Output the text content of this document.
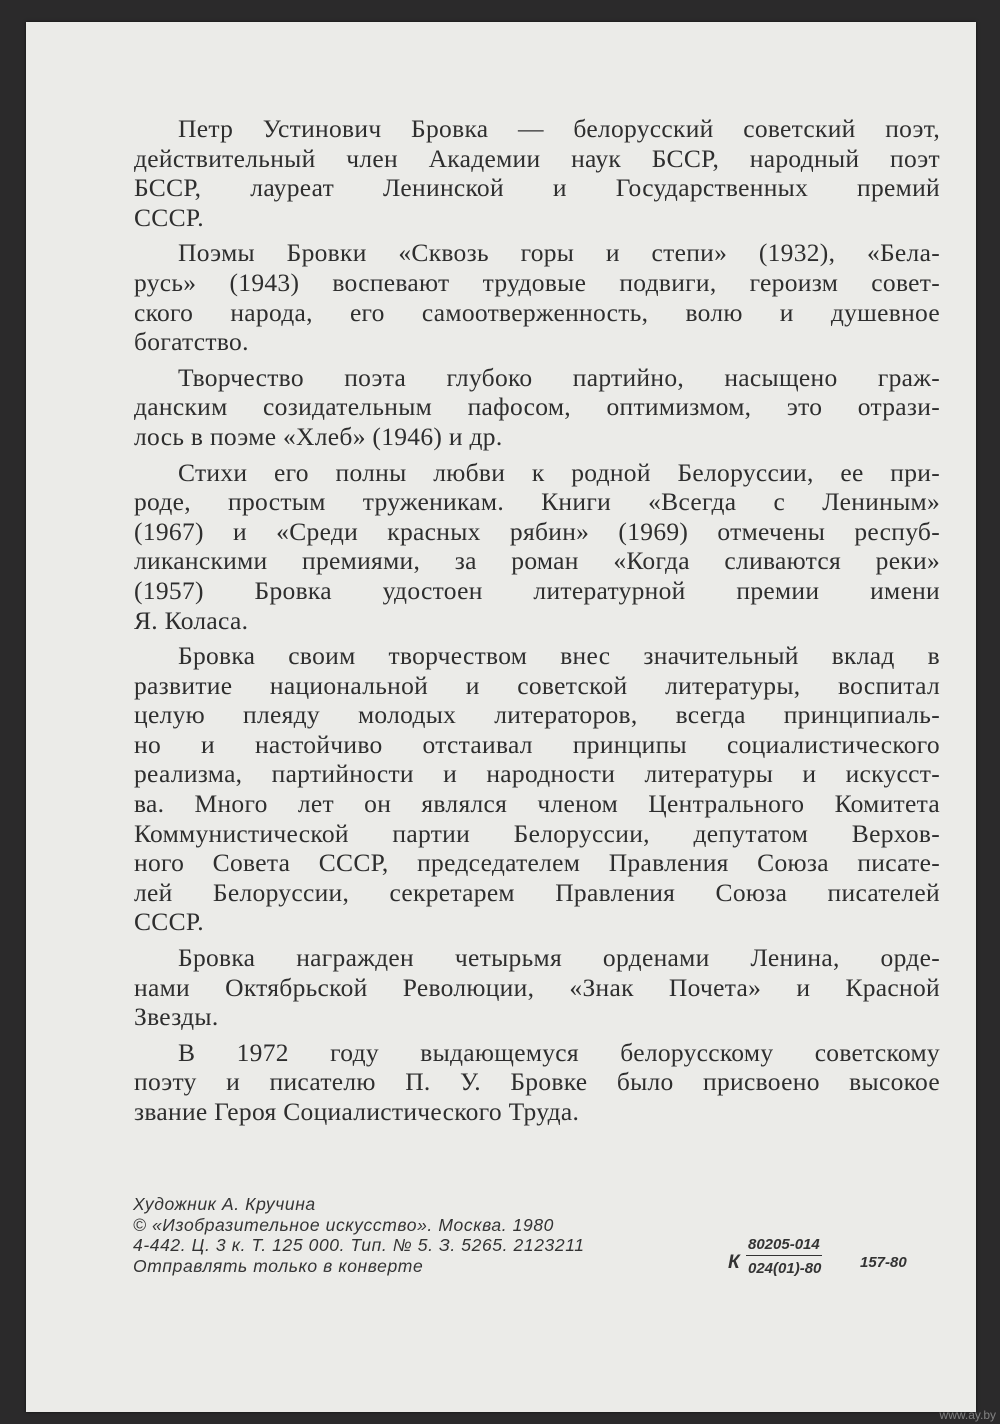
Петр Устинович Бровка — белорусский советский поэт,
действительный член Академии наук БССР, народный поэт
БССР, лауреат Ленинской и Государственных премий
СССР.
Поэмы Бровки «Сквозь горы и степи» (1932), «Бела-
русь» (1943) воспевают трудовые подвиги, героизм совет-
ского народа, его самоотверженность, волю и душевное
богатство.
Творчество поэта глубоко партийно, насыщено граж-
данским созидательным пафосом, оптимизмом, это отрази-
лось в поэме «Хлеб» (1946) и др.
Стихи его полны любви к родной Белоруссии, ее при-
роде, простым труженикам. Книги «Всегда с Лениным»
(1967) и «Среди красных рябин» (1969) отмечены респуб-
ликанскими премиями, за роман «Когда сливаются реки»
(1957) Бровка удостоен литературной премии имени
Я. Коласа.
Бровка своим творчеством внес значительный вклад в
развитие национальной и советской литературы, воспитал
целую плеяду молодых литераторов, всегда принципиаль-
но и настойчиво отстаивал принципы социалистического
реализма, партийности и народности литературы и искусст-
ва. Много лет он являлся членом Центрального Комитета
Коммунистической партии Белоруссии, депутатом Верхов-
ного Совета СССР, председателем Правления Союза писате-
лей Белоруссии, секретарем Правления Союза писателей
СССР.
Бровка награжден четырьмя орденами Ленина, орде-
нами Октябрьской Революции, «Знак Почета» и Красной
Звезды.
В 1972 году выдающемуся белорусскому советскому
поэту и писателю П. У. Бровке было присвоено высокое
звание Героя Социалистического Труда.
Художник А. Кручина
© «Изобразительное искусство». Москва. 1980
4-442. Ц. 3 к. Т. 125 000. Тип. № 5. З. 5265. 2123211
Отправлять только в конверте	К
80205-014
024(01)-80	157-80
www.ay.by
